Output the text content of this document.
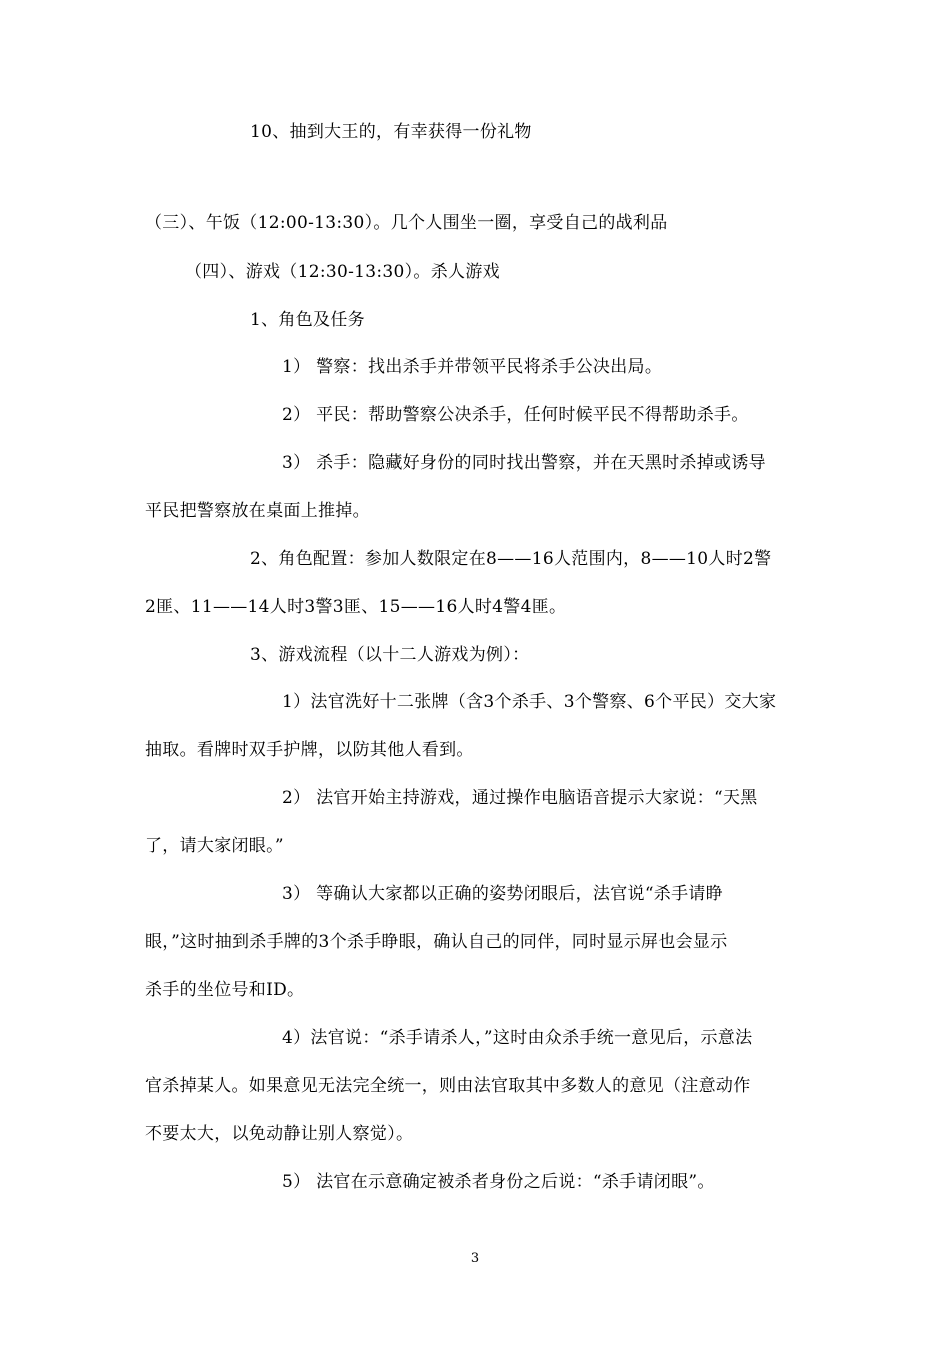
10、抽到大王的，有幸获得一份礼物
（三）、午饭（12:00-13:30）。几个人围坐一圈，享受自己的战利品
（四）、游戏（12:30-13:30）。杀人游戏
1、角色及任务
1） 警察：找出杀手并带领平民将杀手公决出局。
2） 平民：帮助警察公决杀手，任何时候平民不得帮助杀手。
3） 杀手：隐藏好身份的同时找出警察，并在天黑时杀掉或诱导
平民把警察放在桌面上推掉。
2、角色配置：参加人数限定在8——16人范围内，8——10人时2警
2匪、11——14人时3警3匪、15——16人时4警4匪。
3、游戏流程（以十二人游戏为例）：
1）法官洗好十二张牌（含3个杀手、3个警察、6个平民）交大家
抽取。看牌时双手护牌，以防其他人看到。
2） 法官开始主持游戏，通过操作电脑语音提示大家说：“天黑
了，请大家闭眼。”
3） 等确认大家都以正确的姿势闭眼后，法官说“杀手请睁
眼，”这时抽到杀手牌的3个杀手睁眼，确认自己的同伴，同时显示屏也会显示
杀手的坐位号和ID。
4）法官说：“杀手请杀人，”这时由众杀手统一意见后，示意法
官杀掉某人。如果意见无法完全统一，则由法官取其中多数人的意见（注意动作
不要太大，以免动静让别人察觉）。
5） 法官在示意确定被杀者身份之后说：“杀手请闭眼”。
3
